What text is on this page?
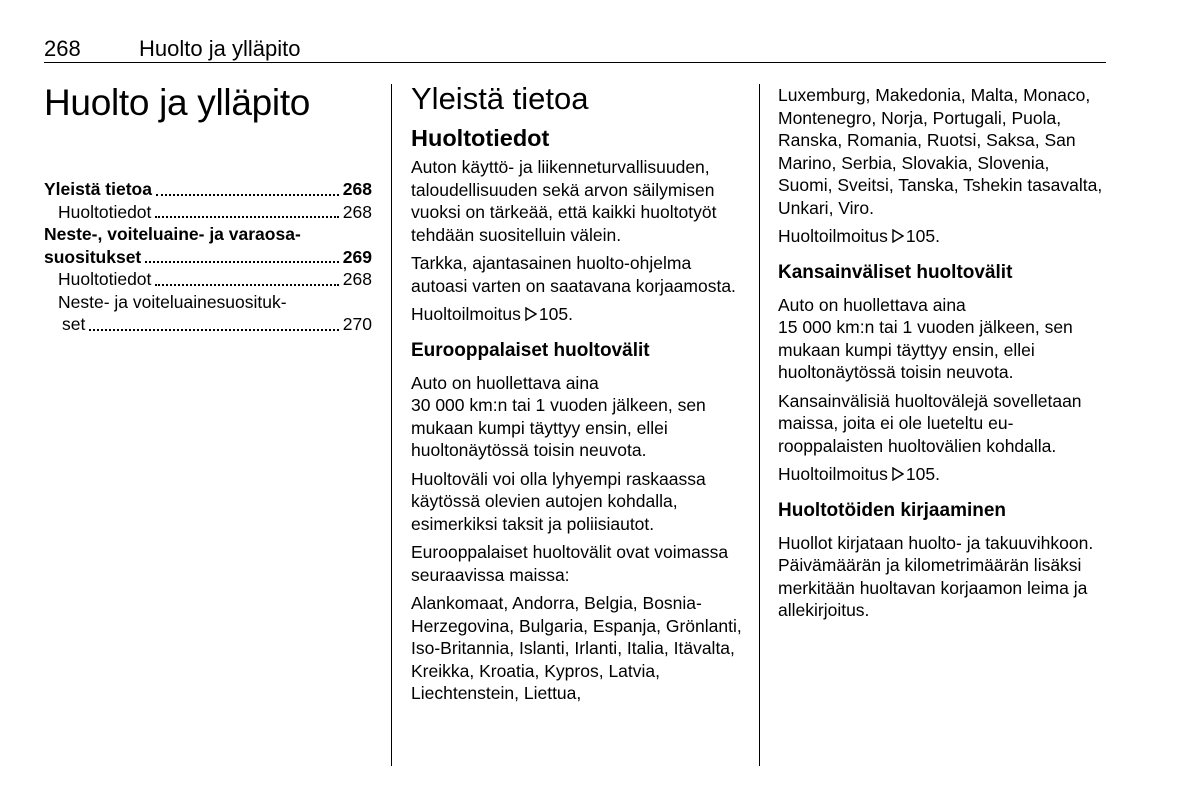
268	Huolto ja ylläpito
Huolto ja ylläpito
Yleistä tietoa	268
Huoltotiedot	268
Neste-, voiteluaine- ja varaosa-
suositukset	269
Huoltotiedot	268
Neste- ja voiteluainesuosituk-
set	270
Yleistä tietoa
Huoltotiedot

Auton käyttö- ja liikenneturvallisuuden, taloudellisuuden sekä arvon säilymisen vuoksi on tärkeää, että kaikki huoltotyöt tehdään suositelluin välein.

Tarkka, ajantasainen huolto-ohjelma autoasi varten on saatavana korjaamosta.

Huoltoilmoitus 105.

Eurooppalaiset huoltovälit

Auto on huollettava aina
30 000 km:n tai 1 vuoden jälkeen, sen mukaan kumpi täyttyy ensin, ellei huoltonäytössä toisin neuvota.

Huoltoväli voi olla lyhyempi raskaassa käytössä olevien autojen kohdalla, esimerkiksi taksit ja poliisiautot.

Eurooppalaiset huoltovälit ovat voimassa seuraavissa maissa:

Alankomaat, Andorra, Belgia, Bosnia-Herzegovina, Bulgaria, Espanja, Grönlanti, Iso-Britannia, Islanti, Irlanti, Italia, Itävalta, Kreikka, Kroatia, Kypros, Latvia, Liechtenstein, Liettua,

Luxemburg, Makedonia, Malta, Monaco, Montenegro, Norja, Portugali, Puola, Ranska, Romania, Ruotsi, Saksa, San Marino, Serbia, Slovakia, Slovenia, Suomi, Sveitsi, Tanska, Tshekin tasavalta, Unkari, Viro.

Huoltoilmoitus 105.

Kansainväliset huoltovälit

Auto on huollettava aina
15 000 km:n tai 1 vuoden jälkeen, sen mukaan kumpi täyttyy ensin, ellei huoltonäytössä toisin neuvota.

Kansainvälisiä huoltovälejä sovelletaan maissa, joita ei ole lueteltu eurooppalaisten huoltovälien kohdalla.

Huoltoilmoitus 105.

Huoltotöiden kirjaaminen

Huollot kirjataan huolto- ja takuuvihkoon. Päivämäärän ja kilometrimäärän lisäksi merkitään huoltavan korjaamon leima ja allekirjoitus.
